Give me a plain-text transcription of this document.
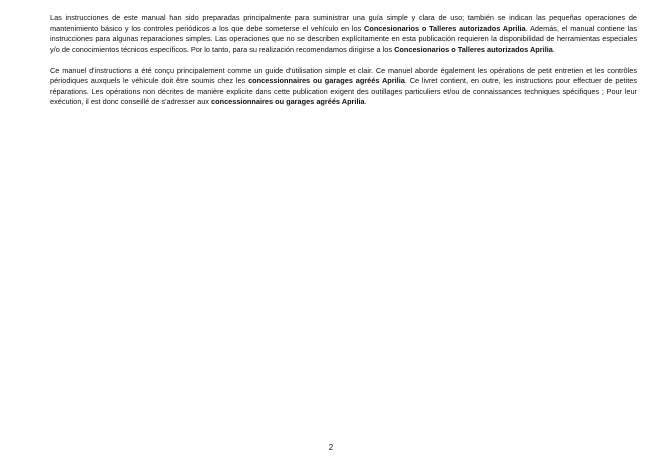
Las instrucciones de este manual han sido preparadas principalmente para suministrar una guía simple y clara de uso; también se indican las pequeñas operaciones de mantenimiento básico y los controles periódicos a los que debe someterse el vehículo en los Concesionarios o Talleres autorizados Aprilia. Además, el manual contiene las instrucciones para algunas reparaciones simples. Las operaciones que no se describen explícitamente en esta publicación requieren la disponibilidad de herramientas especiales y/o de conocimientos técnicos específicos. Por lo tanto, para su realización recomendamos dirigirse a los Concesionarios o Talleres autorizados Aprilia.

Ce manuel d'instructions a été conçu principalement comme un guide d'utilisation simple et clair. Ce manuel aborde également les opérations de petit entretien et les contrôles périodiques auxquels le véhicule doit être soumis chez les concessionnaires ou garages agréés Aprilia. Ce livret contient, en outre, les instructions pour effectuer de petites réparations. Les opérations non décrites de manière explicite dans cette publication exigent des outillages particuliers et/ou de connaissances techniques spécifiques ; Pour leur exécution, il est donc conseillé de s'adresser aux concessionnaires ou garages agréés Aprilia.

2
